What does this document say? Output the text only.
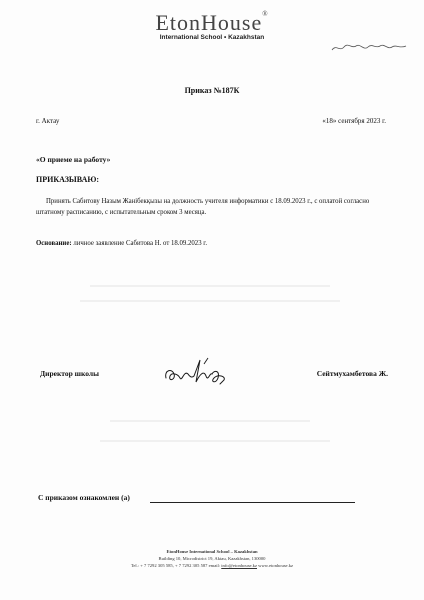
EtonHouse®
International School • Kazakhstan
Приказ №187К
г. Актау	«18» сентября 2023 г.
«О приеме на работу»
ПРИКАЗЫВАЮ:
Принять Сабитову Назым Жанібекқызы на должность учителя информатики с 18.09.2023 г., с оплатой согласно штатному расписанию, с испытательным сроком 3 месяца.
Основание: личное заявление Сабитова Н. от 18.09.2023 г.
Директор школы	Сейтмухамбетова Ж.
С приказом ознакомлен (а)
EtonHouse International School – Kazakhstan
Building 10, Microdistrict 19, Aktau, Kazakhstan, 130000
Tel.: + 7 7292 305 585, + 7 7292 305 587 email: info@etonhouse.kz www.etonhouse.kz
